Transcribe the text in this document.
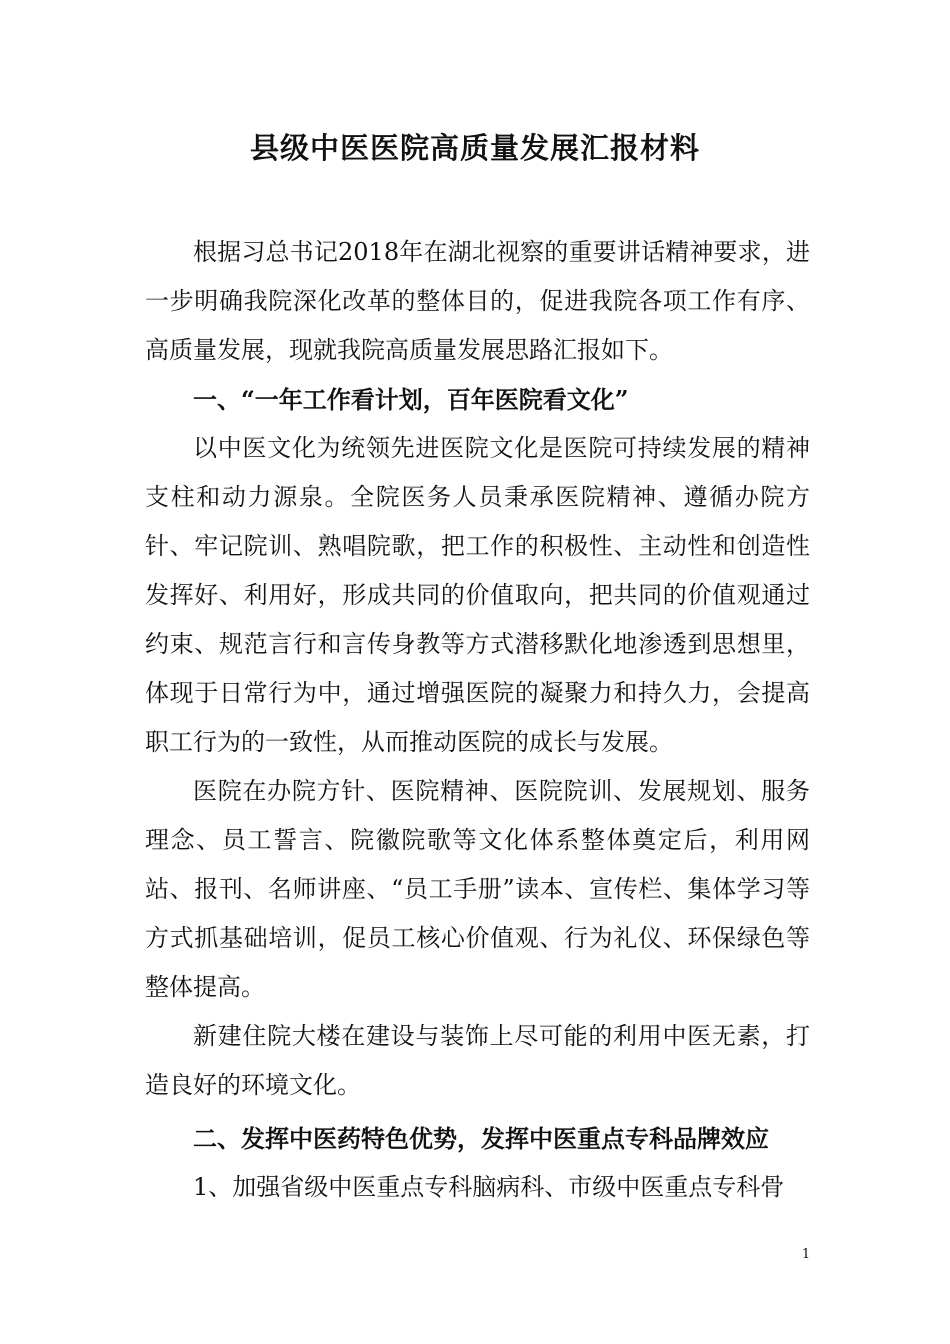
县级中医医院高质量发展汇报材料

根据习总书记2018年在湖北视察的重要讲话精神要求，进一步明确我院深化改革的整体目的，促进我院各项工作有序、高质量发展，现就我院高质量发展思路汇报如下。

一、“一年工作看计划，百年医院看文化”

以中医文化为统领先进医院文化是医院可持续发展的精神支柱和动力源泉。全院医务人员秉承医院精神、遵循办院方针、牢记院训、熟唱院歌，把工作的积极性、主动性和创造性发挥好、利用好，形成共同的价值取向，把共同的价值观通过约束、规范言行和言传身教等方式潜移默化地渗透到思想里，体现于日常行为中，通过增强医院的凝聚力和持久力，会提高职工行为的一致性，从而推动医院的成长与发展。

医院在办院方针、医院精神、医院院训、发展规划、服务理念、员工誓言、院徽院歌等文化体系整体奠定后，利用网站、报刊、名师讲座、“员工手册”读本、宣传栏、集体学习等方式抓基础培训，促员工核心价值观、行为礼仪、环保绿色等整体提高。

新建住院大楼在建设与装饰上尽可能的利用中医无素，打造良好的环境文化。

二、发挥中医药特色优势，发挥中医重点专科品牌效应

1、加强省级中医重点专科脑病科、市级中医重点专科骨

1
